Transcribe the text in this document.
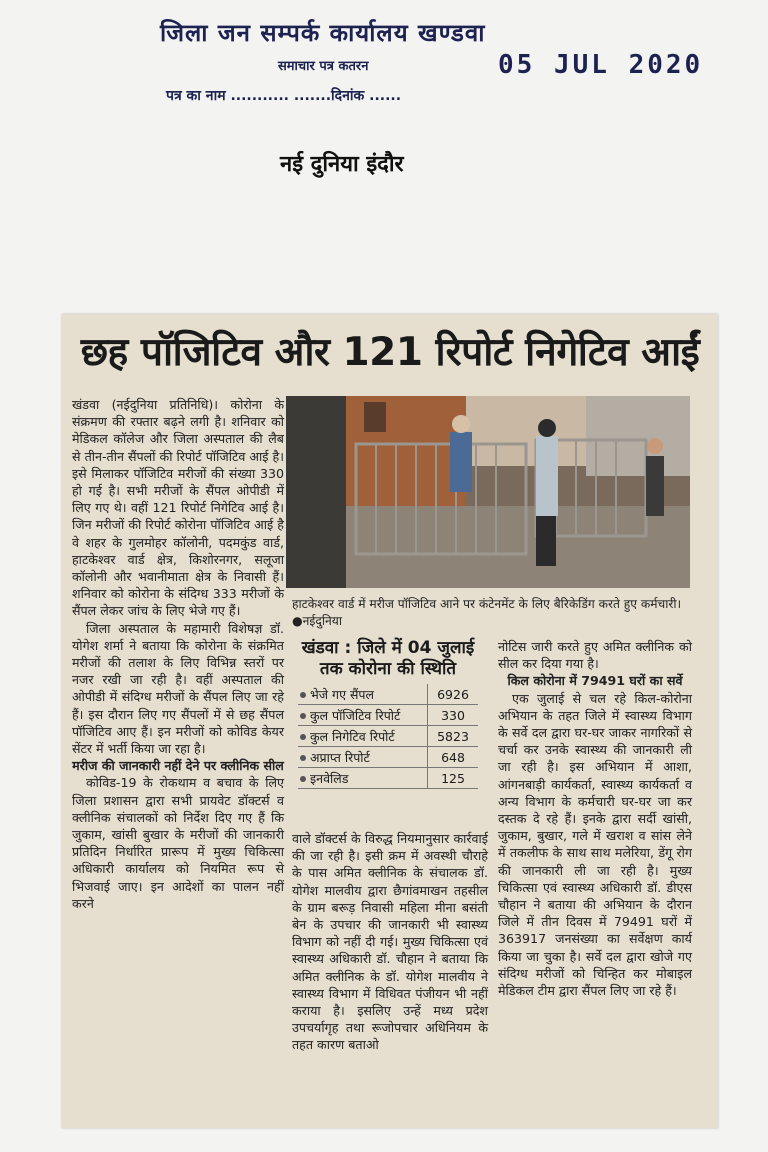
जिला जन सम्पर्क कार्यालय खण्डवा
समाचार पत्र कतरन	05 JUL 2020
पत्र का नाम ........... .......दिनांक ......
नई दुनिया इंदौर
छह पॉजिटिव और 121 रिपोर्ट निगेटिव आईं

खंडवा (नईदुनिया प्रतिनिधि)। कोरोना के संक्रमण की रफ्तार बढ़ने लगी है। शनिवार को मेडिकल कॉलेज और जिला अस्पताल की लैब से तीन-तीन सैंपलों की रिपोर्ट पॉजिटिव आई है। इसे मिलाकर पॉजिटिव मरीजों की संख्या 330 हो गई है। सभी मरीजों के सैंपल ओपीडी में लिए गए थे। वहीं 121 रिपोर्ट निगेटिव आई है। जिन मरीजों की रिपोर्ट कोरोना पॉजिटिव आई है वे शहर के गुलमोहर कॉलोनी, पदमकुंड वार्ड, हाटकेश्वर वार्ड क्षेत्र, किशोरनगर, सलूजा कॉलोनी और भवानीमाता क्षेत्र के निवासी हैं। शनिवार को कोरोना के संदिग्ध 333 मरीजों के सैंपल लेकर जांच के लिए भेजे गए हैं।

जिला अस्पताल के महामारी विशेषज्ञ डॉ. योगेश शर्मा ने बताया कि कोरोना के संक्रमित मरीजों की तलाश के लिए विभिन्न स्तरों पर नजर रखी जा रही है। वहीं अस्पताल की ओपीडी में संदिग्ध मरीजों के सैंपल लिए जा रहे हैं। इस दौरान लिए गए सैंपलों में से छह सैंपल पॉजिटिव आए हैं। इन मरीजों को कोविड केयर सेंटर में भर्ती किया जा रहा है।

मरीज की जानकारी नहीं देने पर क्लीनिक सील

कोविड-19 के रोकथाम व बचाव के लिए जिला प्रशासन द्वारा सभी प्रायवेट डॉक्टर्स व क्लीनिक संचालकों को निर्देश दिए गए हैं कि जुकाम, खांसी बुखार के मरीजों की जानकारी प्रतिदिन निर्धारित प्रारूप में मुख्य चिकित्सा अधिकारी कार्यालय को नियमित रूप से भिजवाई जाए। इन आदेशों का पालन नहीं करने

हाटकेश्वर वार्ड में मरीज पॉजिटिव आने पर कंटेनमेंट के लिए बैरिकेडिंग करते हुए कर्मचारी। ●नईदुनिया
खंडवा : जिले में 04 जुलाई तक कोरोना की स्थिति
भेजे गए सैंपल	6926
कुल पॉजिटिव रिपोर्ट	330
कुल निगेटिव रिपोर्ट	5823
अप्राप्त रिपोर्ट	648
इनवेलिड	125

वाले डॉक्टर्स के विरुद्ध नियमानुसार कार्रवाई की जा रही है। इसी क्रम में अवस्थी चौराहे के पास अमित क्लीनिक के संचालक डॉ. योगेश मालवीय द्वारा छैगांवमाखन तहसील के ग्राम बरूड़ निवासी महिला मीना बसंती बेन के उपचार की जानकारी भी स्वास्थ्य विभाग को नहीं दी गई। मुख्य चिकित्सा एवं स्वास्थ्य अधिकारी डॉ. चौहान ने बताया कि अमित क्लीनिक के डॉ. योगेश मालवीय ने स्वास्थ्य विभाग में विधिवत पंजीयन भी नहीं कराया है। इसलिए उन्हें मध्य प्रदेश उपचर्यागृह तथा रूजोपचार अधिनियम के तहत कारण बताओ

नोटिस जारी करते हुए अमित क्लीनिक को सील कर दिया गया है।

किल कोरोना में 79491 घरों का सर्वे

एक जुलाई से चल रहे किल-कोरोना अभियान के तहत जिले में स्वास्थ्य विभाग के सर्वे दल द्वारा घर-घर जाकर नागरिकों से चर्चा कर उनके स्वास्थ्य की जानकारी ली जा रही है। इस अभियान में आशा, आंगनबाड़ी कार्यकर्ता, स्वास्थ्य कार्यकर्ता व अन्य विभाग के कर्मचारी घर-घर जा कर दस्तक दे रहे हैं। इनके द्वारा सर्दी खांसी, जुकाम, बुखार, गले में खराश व सांस लेने में तकलीफ के साथ साथ मलेरिया, डेंगू रोग की जानकारी ली जा रही है। मुख्य चिकित्सा एवं स्वास्थ्य अधिकारी डॉ. डीएस चौहान ने बताया की अभियान के दौरान जिले में तीन दिवस में 79491 घरों में 363917 जनसंख्या का सर्वेक्षण कार्य किया जा चुका है। सर्वे दल द्वारा खोजे गए संदिग्ध मरीजों को चिन्हित कर मोबाइल मेडिकल टीम द्वारा सैंपल लिए जा रहे हैं।
